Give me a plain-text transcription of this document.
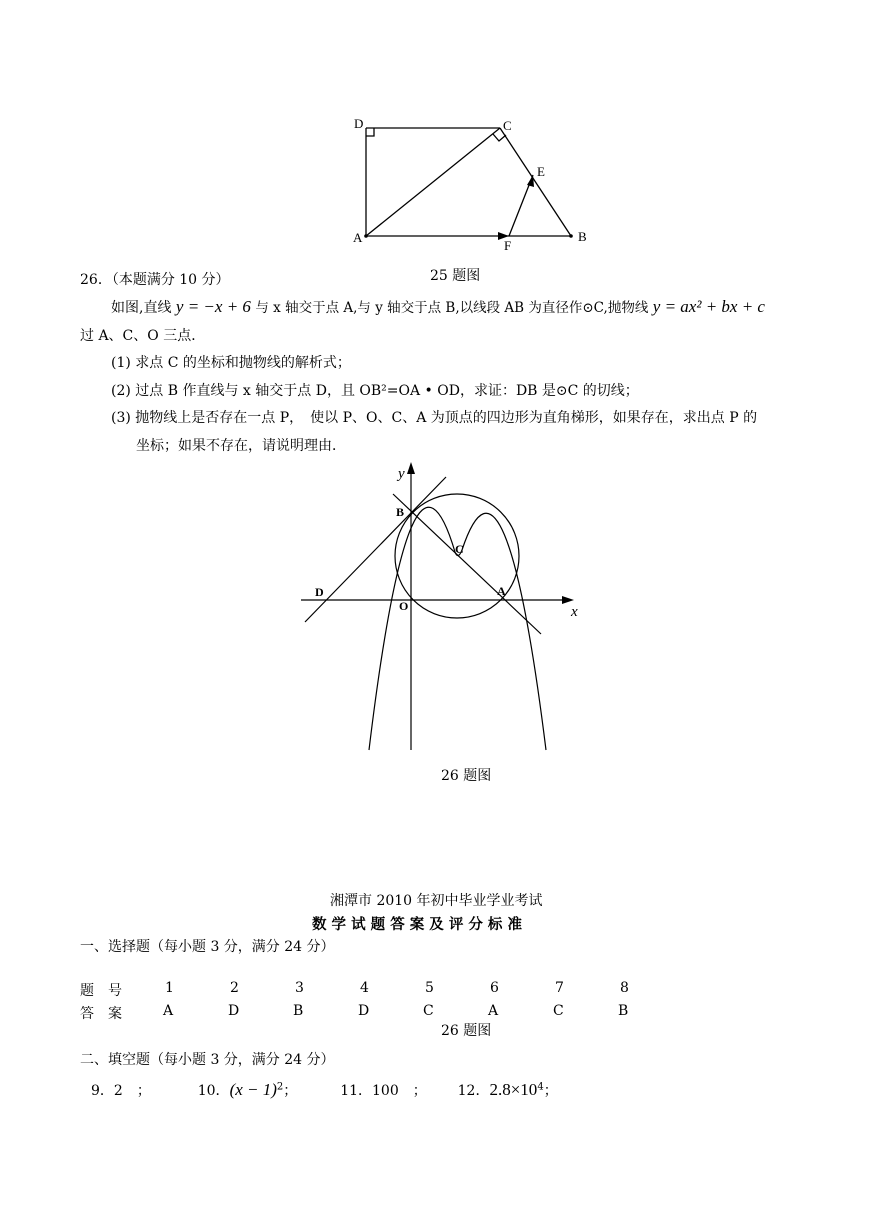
D	C
E
A
F
B
25 题图
26．（本题满分 10 分）
如图,直线 y = −x + 6 与 x 轴交于点 A,与 y 轴交于点 B,以线段 AB 为直径作⊙C,抛物线 y = ax² + bx + c
过 A、C、O 三点．
(1) 求点 C 的坐标和抛物线的解析式；
(2) 过点 B 作直线与 x 轴交于点 D，且 OB²=OA • OD，求证：DB 是⊙C 的切线；
(3) 抛物线上是否存在一点 P，　使以 P、O、C、A 为顶点的四边形为直角梯形，如果存在，求出点 P 的
坐标；如果不存在，请说明理由．
y
x
B
C
D
O
A
26 题图
湘潭市 2010 年初中毕业学业考试
数 学 试 题 答 案 及 评 分 标 准
一、选择题（每小题 3 分，满分 24 分）
题　号	1	2	3	4	5	6	7	8
答　案	A	D	B	D	C	A	C	B
26 题图
二、填空题（每小题 3 分，满分 24 分）
9．2　；	10．$(x - 1)^2$；	11．100　； 12．$2.8\times 10^4$；
